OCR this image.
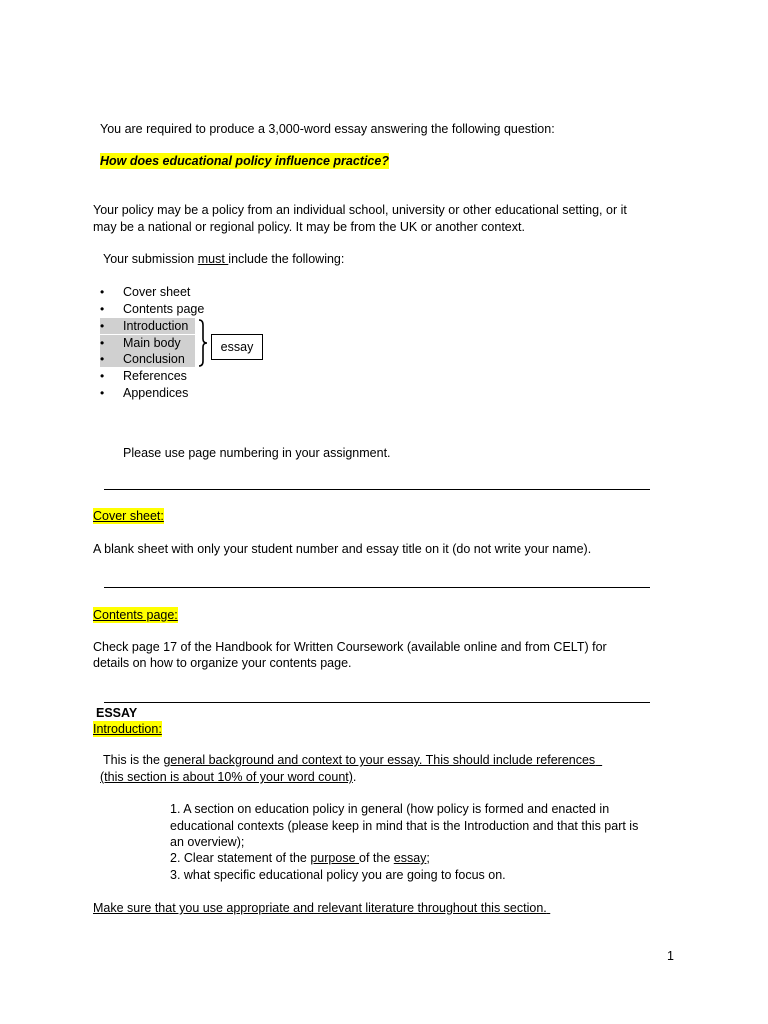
You are required to produce a 3,000-word essay answering the following question:
How does educational policy influence practice?
Your policy may be a policy from an individual school, university or other educational setting, or it
may be a national or regional policy. It may be from the UK or another context.
Your submission must include the following:
• Cover sheet
• Contents page
• Introduction
• Main body
• Conclusion
• References
• Appendices
essay
Please use page numbering in your assignment.
Cover sheet:
A blank sheet with only your student number and essay title on it (do not write your name).
Contents page:
Check page 17 of the Handbook for Written Coursework (available online and from CELT) for
details on how to organize your contents page.
ESSAY
Introduction:
This is the general background and context to your essay. This should include references
(this section is about 10% of your word count).
1. A section on education policy in general (how policy is formed and enacted in
educational contexts (please keep in mind that is the Introduction and that this part is
an overview);
2. Clear statement of the purpose of the essay;
3. what specific educational policy you are going to focus on.
Make sure that you use appropriate and relevant literature throughout this section.
1
